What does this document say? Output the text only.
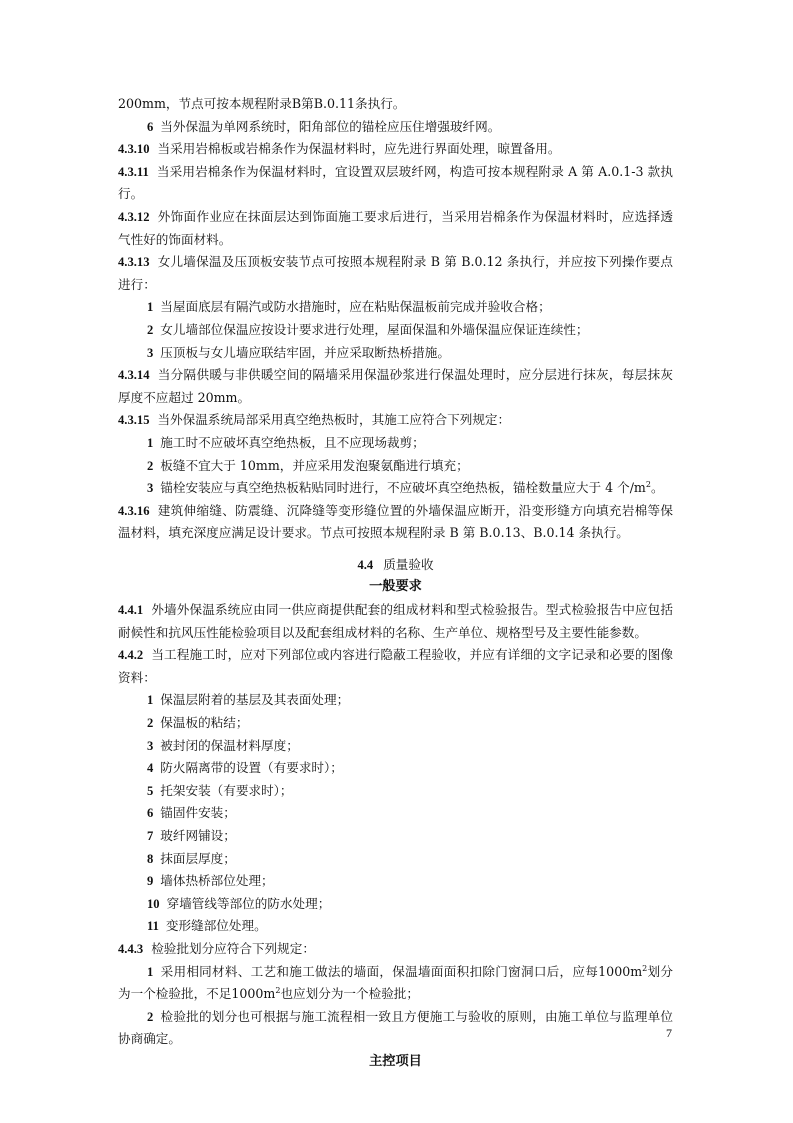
200mm，节点可按本规程附录B第B.0.11条执行。

6 当外保温为单网系统时，阳角部位的锚栓应压住增强玻纤网。

4.3.10 当采用岩棉板或岩棉条作为保温材料时，应先进行界面处理，晾置备用。

4.3.11 当采用岩棉条作为保温材料时，宜设置双层玻纤网，构造可按本规程附录 A 第 A.0.1-3 款执行。

4.3.12 外饰面作业应在抹面层达到饰面施工要求后进行，当采用岩棉条作为保温材料时，应选择透气性好的饰面材料。

4.3.13 女儿墙保温及压顶板安装节点可按照本规程附录 B 第 B.0.12 条执行，并应按下列操作要点进行：

1 当屋面底层有隔汽或防水措施时，应在粘贴保温板前完成并验收合格；

2 女儿墙部位保温应按设计要求进行处理，屋面保温和外墙保温应保证连续性；

3 压顶板与女儿墙应联结牢固，并应采取断热桥措施。

4.3.14 当分隔供暖与非供暖空间的隔墙采用保温砂浆进行保温处理时，应分层进行抹灰，每层抹灰厚度不应超过 20mm。

4.3.15 当外保温系统局部采用真空绝热板时，其施工应符合下列规定：

1 施工时不应破坏真空绝热板，且不应现场裁剪；

2 板缝不宜大于 10mm，并应采用发泡聚氨酯进行填充；

3 锚栓安装应与真空绝热板粘贴同时进行，不应破坏真空绝热板，锚栓数量应大于 4 个$/m^2$。

4.3.16 建筑伸缩缝、防震缝、沉降缝等变形缝位置的外墙保温应断开，沿变形缝方向填充岩棉等保温材料，填充深度应满足设计要求。节点可按照本规程附录 B 第 B.0.13、B.0.14 条执行。

4.4 质量验收

一般要求

4.4.1 外墙外保温系统应由同一供应商提供配套的组成材料和型式检验报告。型式检验报告中应包括耐候性和抗风压性能检验项目以及配套组成材料的名称、生产单位、规格型号及主要性能参数。

4.4.2 当工程施工时，应对下列部位或内容进行隐蔽工程验收，并应有详细的文字记录和必要的图像资料：

1 保温层附着的基层及其表面处理；

2 保温板的粘结；

3 被封闭的保温材料厚度；

4 防火隔离带的设置（有要求时）；

5 托架安装（有要求时）；

6 锚固件安装；

7 玻纤网铺设；

8 抹面层厚度；

9 墙体热桥部位处理；

10 穿墙管线等部位的防水处理；

11 变形缝部位处理。

4.4.3 检验批划分应符合下列规定：

1 采用相同材料、工艺和施工做法的墙面，保温墙面面积扣除门窗洞口后，应每$1000m^2$划分为一个检验批，不足$1000m^2$也应划分为一个检验批；

2 检验批的划分也可根据与施工流程相一致且方便施工与验收的原则，由施工单位与监理单位协商确定。

主控项目

7
